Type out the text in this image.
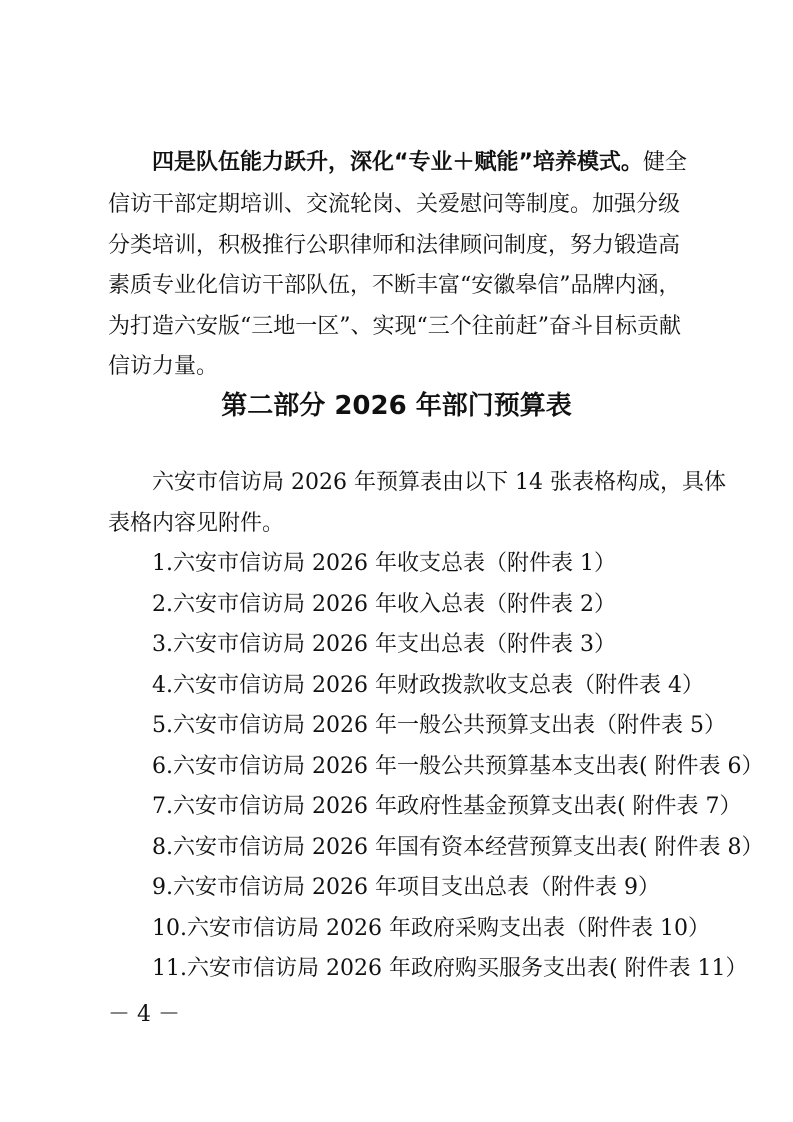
四是队伍能力跃升，深化“专业＋赋能”培养模式。健全
信访干部定期培训、交流轮岗、关爱慰问等制度。加强分级
分类培训，积极推行公职律师和法律顾问制度，努力锻造高
素质专业化信访干部队伍，不断丰富“安徽皋信”品牌内涵，
为打造六安版“三地一区”、实现“三个往前赶”奋斗目标贡献
信访力量。
第二部分 2026 年部门预算表
六安市信访局 2026 年预算表由以下 14 张表格构成，具体
表格内容见附件。
1.六安市信访局 2026 年收支总表（附件表 1）
2.六安市信访局 2026 年收入总表（附件表 2）
3.六安市信访局 2026 年支出总表（附件表 3）
4.六安市信访局 2026 年财政拨款收支总表（附件表 4）
5.六安市信访局 2026 年一般公共预算支出表（附件表 5）
6.六安市信访局 2026 年一般公共预算基本支出表( 附件表 6）
7.六安市信访局 2026 年政府性基金预算支出表( 附件表 7）
8.六安市信访局 2026 年国有资本经营预算支出表( 附件表 8）
9.六安市信访局 2026 年项目支出总表（附件表 9）
10.六安市信访局 2026 年政府采购支出表（附件表 10）
11.六安市信访局 2026 年政府购买服务支出表( 附件表 11）
－ 4 －
